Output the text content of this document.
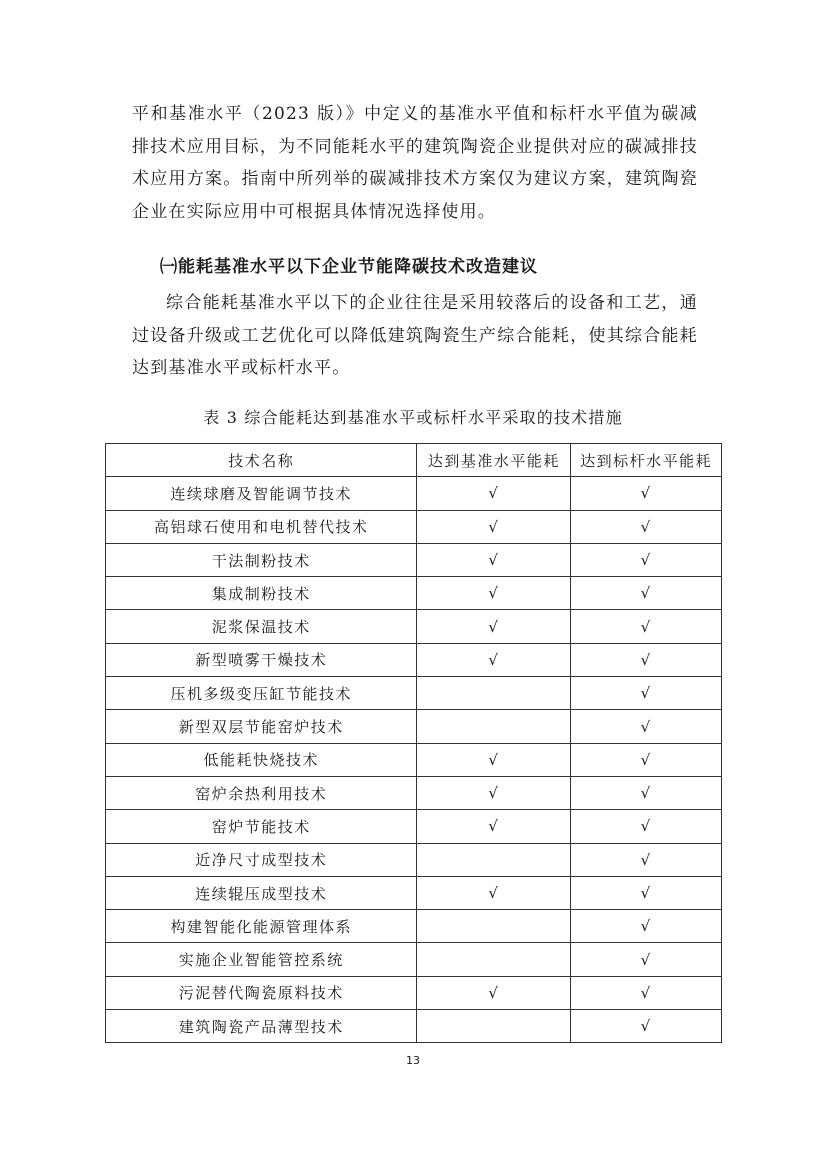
平和基准水平（2023 版）》中定义的基准水平值和标杆水平值为碳减排技术应用目标，为不同能耗水平的建筑陶瓷企业提供对应的碳减排技术应用方案。指南中所列举的碳减排技术方案仅为建议方案，建筑陶瓷企业在实际应用中可根据具体情况选择使用。

㈠能耗基准水平以下企业节能降碳技术改造建议

综合能耗基准水平以下的企业往往是采用较落后的设备和工艺，通过设备升级或工艺优化可以降低建筑陶瓷生产综合能耗，使其综合能耗达到基准水平或标杆水平。

表 3 综合能耗达到基准水平或标杆水平采取的技术措施
技术名称	达到基准水平能耗	达到标杆水平能耗
连续球磨及智能调节技术	√	√
高铝球石使用和电机替代技术	√	√
干法制粉技术	√	√
集成制粉技术	√	√
泥浆保温技术	√	√
新型喷雾干燥技术	√	√
压机多级变压缸节能技术		√
新型双层节能窑炉技术		√
低能耗快烧技术	√	√
窑炉余热利用技术	√	√
窑炉节能技术	√	√
近净尺寸成型技术		√
连续辊压成型技术	√	√
构建智能化能源管理体系		√
实施企业智能管控系统		√
污泥替代陶瓷原料技术	√	√
建筑陶瓷产品薄型技术		√
13
